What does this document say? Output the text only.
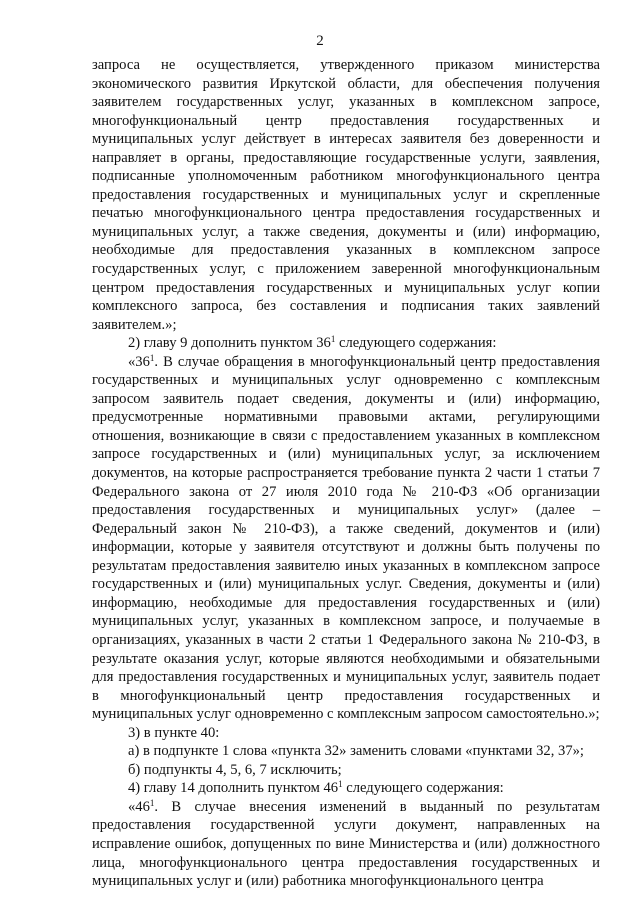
2

запроса не осуществляется, утвержденного приказом министерства экономического развития Иркутской области, для обеспечения получения заявителем государственных услуг, указанных в комплексном запросе, многофункциональный центр предоставления государственных и муниципальных услуг действует в интересах заявителя без доверенности и направляет в органы, предоставляющие государственные услуги, заявления, подписанные уполномоченным работником многофункционального центра предоставления государственных и муниципальных услуг и скрепленные печатью многофункционального центра предоставления государственных и муниципальных услуг, а также сведения, документы и (или) информацию, необходимые для предоставления указанных в комплексном запросе государственных услуг, с приложением заверенной многофункциональным центром предоставления государственных и муниципальных услуг копии комплексного запроса, без составления и подписания таких заявлений заявителем.»;

2) главу 9 дополнить пунктом $36^1$ следующего содержания:

«$36^1$. В случае обращения в многофункциональный центр предоставления государственных и муниципальных услуг одновременно с комплексным запросом заявитель подает сведения, документы и (или) информацию, предусмотренные нормативными правовыми актами, регулирующими отношения, возникающие в связи с предоставлением указанных в комплексном запросе государственных и (или) муниципальных услуг, за исключением документов, на которые распространяется требование пункта 2 части 1 статьи 7 Федерального закона от 27 июля 2010 года № 210-ФЗ «Об организации предоставления государственных и муниципальных услуг» (далее – Федеральный закон № 210-ФЗ), а также сведений, документов и (или) информации, которые у заявителя отсутствуют и должны быть получены по результатам предоставления заявителю иных указанных в комплексном запросе государственных и (или) муниципальных услуг. Сведения, документы и (или) информацию, необходимые для предоставления государственных и (или) муниципальных услуг, указанных в комплексном запросе, и получаемые в организациях, указанных в части 2 статьи 1 Федерального закона № 210-ФЗ, в результате оказания услуг, которые являются необходимыми и обязательными для предоставления государственных и муниципальных услуг, заявитель подает в многофункциональный центр предоставления государственных и муниципальных услуг одновременно с комплексным запросом самостоятельно.»;

3) в пункте 40:

а) в подпункте 1 слова «пункта 32» заменить словами «пунктами 32, 37»;

б) подпункты 4, 5, 6, 7 исключить;

4) главу 14 дополнить пунктом $46^1$ следующего содержания:

«$46^1$. В случае внесения изменений в выданный по результатам предоставления государственной услуги документ, направленных на исправление ошибок, допущенных по вине Министерства и (или) должностного лица, многофункционального центра предоставления государственных и муниципальных услуг и (или) работника многофункционального центра
